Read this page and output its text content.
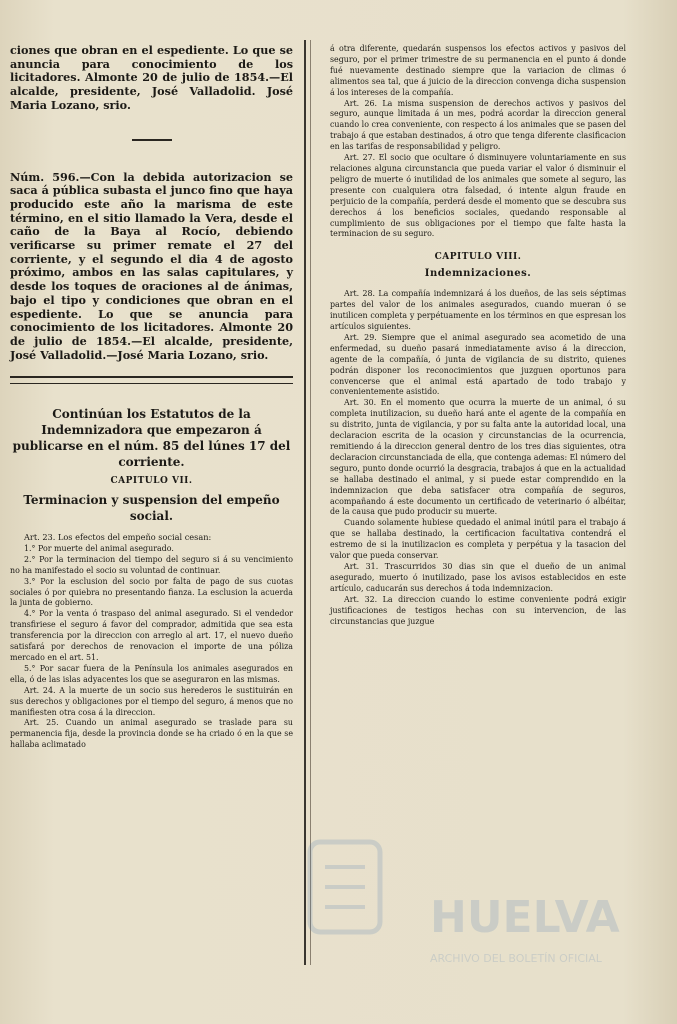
ciones que obran en el espediente. Lo que se anuncia para conocimiento de los licitadores. Almonte 20 de julio de 1854.—El alcalde, presidente, José Valladolid. José Maria Lozano, srio.

Núm. 596.—Con la debida autorizacion se saca á pública subasta el junco fino que haya producido este año la marisma de este término, en el sitio llamado la Vera, desde el caño de la Baya al Rocío, debiendo verificarse su primer remate el 27 del corriente, y el segundo el dia 4 de agosto próximo, ambos en las salas capitulares, y desde los toques de oraciones al de ánimas, bajo el tipo y condiciones que obran en el espediente. Lo que se anuncia para conocimiento de los licitadores. Almonte 20 de julio de 1854.—El alcalde, presidente, José Valladolid.—José Maria Lozano, srio.

Continúan los Estatutos de la Indemnizadora que empezaron á publicarse en el núm. 85 del lúnes 17 del corriente.

CAPITULO VII.

Terminacion y suspension del empeño social.

Art. 23. Los efectos del empeño social cesan:

1.° Por muerte del animal asegurado.

2.° Por la terminacion del tiempo del seguro si á su vencimiento no ha manifestado el socio su voluntad de continuar.

3.° Por la esclusion del socio por falta de pago de sus cuotas sociales ó por quiebra no presentando fianza. La esclusion la acuerda la junta de gobierno.

4.° Por la venta ó traspaso del animal asegurado. Si el vendedor transfiriese el seguro á favor del comprador, admitida que sea esta transferencia por la direccion con arreglo al art. 17, el nuevo dueño satisfará por derechos de renovacion el importe de una póliza mercado en el art. 51.

5.° Por sacar fuera de la Península los animales asegurados en ella, ó de las islas adyacentes los que se aseguraron en las mismas.

Art. 24. A la muerte de un socio sus herederos le sustituirán en sus derechos y obligaciones por el tiempo del seguro, á menos que no manifiesten otra cosa á la direccion.

Art. 25. Cuando un animal asegurado se traslade para su permanencia fija, desde la provincia donde se ha criado ó en la que se hallaba aclimatado

á otra diferente, quedarán suspensos los efectos activos y pasivos del seguro, por el primer trimestre de su permanencia en el punto á donde fué nuevamente destinado siempre que la variacion de climas ó alimentos sea tal, que á juicio de la direccion convenga dicha suspension á los intereses de la compañía.

Art. 26. La misma suspension de derechos activos y pasivos del seguro, aunque limitada á un mes, podrá acordar la direccion general cuando lo crea conveniente, con respecto á los animales que se pasen del trabajo á que estaban destinados, á otro que tenga diferente clasificacion en las tarifas de responsabilidad y peligro.

Art. 27. El socio que ocultare ó disminuyere voluntariamente en sus relaciones alguna circunstancia que pueda variar el valor ó disminuir el peligro de muerte ó inutilidad de los animales que somete al seguro, las presente con cualquiera otra falsedad, ó intente algun fraude en perjuicio de la compañía, perderá desde el momento que se descubra sus derechos á los beneficios sociales, quedando responsable al cumplimiento de sus obligaciones por el tiempo que falte hasta la terminacion de su seguro.

CAPITULO VIII.

Indemnizaciones.

Art. 28. La compañía indemnizará á los dueños, de las seis séptimas partes del valor de los animales asegurados, cuando mueran ó se inutilicen completa y perpétuamente en los términos en que espresan los artículos siguientes.

Art. 29. Siempre que el animal asegurado sea acometido de una enfermedad, su dueño pasará inmediatamente aviso á la direccion, agente de la compañía, ó junta de vigilancia de su distrito, quienes podrán disponer los reconocimientos que juzguen oportunos para convencerse que el animal está apartado de todo trabajo y convenientemente asistido.

Art. 30. En el momento que ocurra la muerte de un animal, ó su completa inutilizacion, su dueño hará ante el agente de la compañía en su distrito, junta de vigilancia, y por su falta ante la autoridad local, una declaracion escrita de la ocasion y circunstancias de la ocurrencia, remitiendo á la direccion general dentro de los tres dias siguientes, otra declaracion circunstanciada de ella, que contenga ademas: El número del seguro, punto donde ocurrió la desgracia, trabajos á que en la actualidad se hallaba destinado el animal, y si puede estar comprendido en la indemnizacion que deba satisfacer otra compañía de seguros, acompañando á este documento un certificado de veterinario ó albéitar, de la causa que pudo producir su muerte.

Cuando solamente hubiese quedado el animal inútil para el trabajo á que se hallaba destinado, la certificacion facultativa contendrá el estremo de si la inutilizacion es completa y perpétua y la tasacion del valor que pueda conservar.

Art. 31. Trascurridos 30 dias sin que el dueño de un animal asegurado, muerto ó inutilizado, pase los avisos establecidos en este artículo, caducarán sus derechos á toda indemnizacion.

Art. 32. La direccion cuando lo estime conveniente podrá exigir justificaciones de testigos hechas con su intervencion, de las circunstancias que juzgue

HUELVA
ARCHIVO DEL BOLETÍN OFICIAL
